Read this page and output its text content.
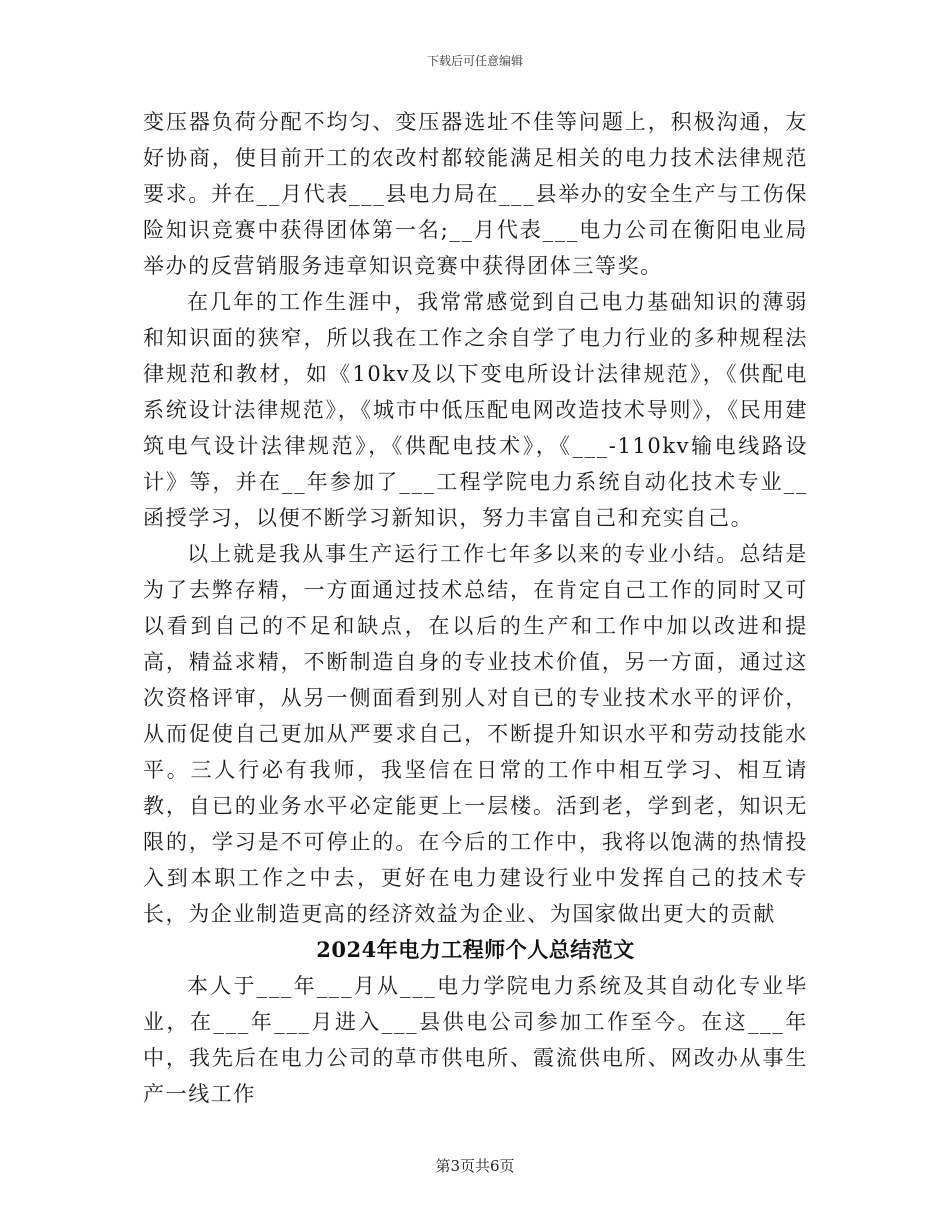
下载后可任意编辑

变压器负荷分配不均匀、变压器选址不佳等问题上，积极沟通，友好协商，使目前开工的农改村都较能满足相关的电力技术法律规范要求。并在__月代表___县电力局在___县举办的安全生产与工伤保险知识竞赛中获得团体第一名;__月代表___电力公司在衡阳电业局举办的反营销服务违章知识竞赛中获得团体三等奖。

在几年的工作生涯中，我常常感觉到自己电力基础知识的薄弱和知识面的狭窄，所以我在工作之余自学了电力行业的多种规程法律规范和教材，如《10kv及以下变电所设计法律规范》，《供配电系统设计法律规范》，《城市中低压配电网改造技术导则》，《民用建筑电气设计法律规范》，《供配电技术》，《___-110kv输电线路设计》等，并在__年参加了___工程学院电力系统自动化技术专业__函授学习，以便不断学习新知识，努力丰富自己和充实自己。

以上就是我从事生产运行工作七年多以来的专业小结。总结是为了去弊存精，一方面通过技术总结，在肯定自己工作的同时又可以看到自己的不足和缺点，在以后的生产和工作中加以改进和提高，精益求精，不断制造自身的专业技术价值，另一方面，通过这次资格评审，从另一侧面看到别人对自已的专业技术水平的评价，从而促使自己更加从严要求自己，不断提升知识水平和劳动技能水平。三人行必有我师，我坚信在日常的工作中相互学习、相互请教，自已的业务水平必定能更上一层楼。活到老，学到老，知识无限的，学习是不可停止的。在今后的工作中，我将以饱满的热情投入到本职工作之中去，更好在电力建设行业中发挥自己的技术专长，为企业制造更高的经济效益为企业、为国家做出更大的贡献

2024年电力工程师个人总结范文

本人于___年___月从___电力学院电力系统及其自动化专业毕业，在___年___月进入___县供电公司参加工作至今。在这___年中，我先后在电力公司的草市供电所、霞流供电所、网改办从事生产一线工作

第3页共6页
